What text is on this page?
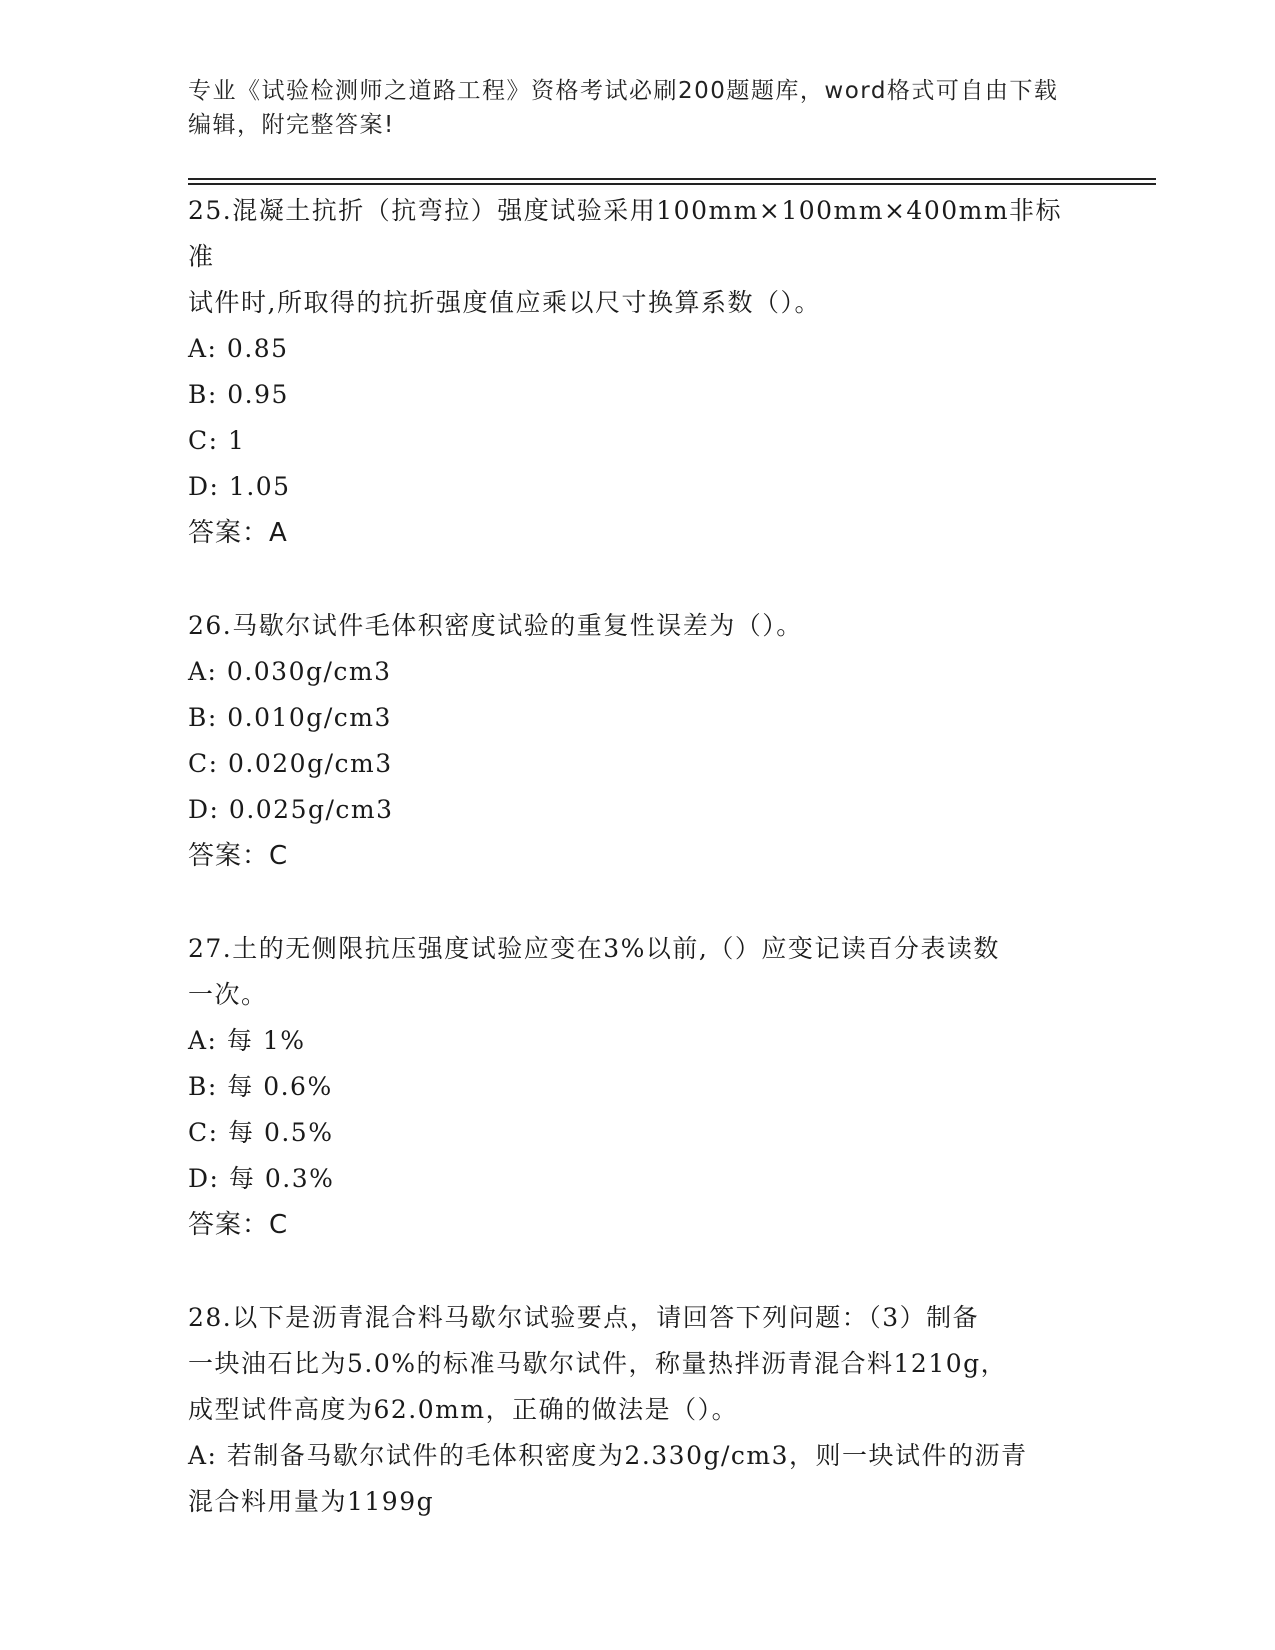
专业《试验检测师之道路工程》资格考试必刷200题题库，word格式可自由下载
编辑，附完整答案!

25.混凝土抗折（抗弯拉）强度试验采用100mm×100mm×400mm非标准

试件时,所取得的抗折强度值应乘以尺寸换算系数（）。

A: 0.85

B: 0.95

C: 1

D: 1.05

答案：A

26.马歇尔试件毛体积密度试验的重复性误差为（）。

A: 0.030g/cm3

B: 0.010g/cm3

C: 0.020g/cm3

D: 0.025g/cm3

答案：C

27.土的无侧限抗压强度试验应变在3%以前,（）应变记读百分表读数

一次。

A: 每 1%

B: 每 0.6%

C: 每 0.5%

D: 每 0.3%

答案：C

28.以下是沥青混合料马歇尔试验要点，请回答下列问题：（3）制备

一块油石比为5.0%的标准马歇尔试件，称量热拌沥青混合料1210g，

成型试件高度为62.0mm，正确的做法是（）。

A: 若制备马歇尔试件的毛体积密度为2.330g/cm3，则一块试件的沥青

混合料用量为1199g
